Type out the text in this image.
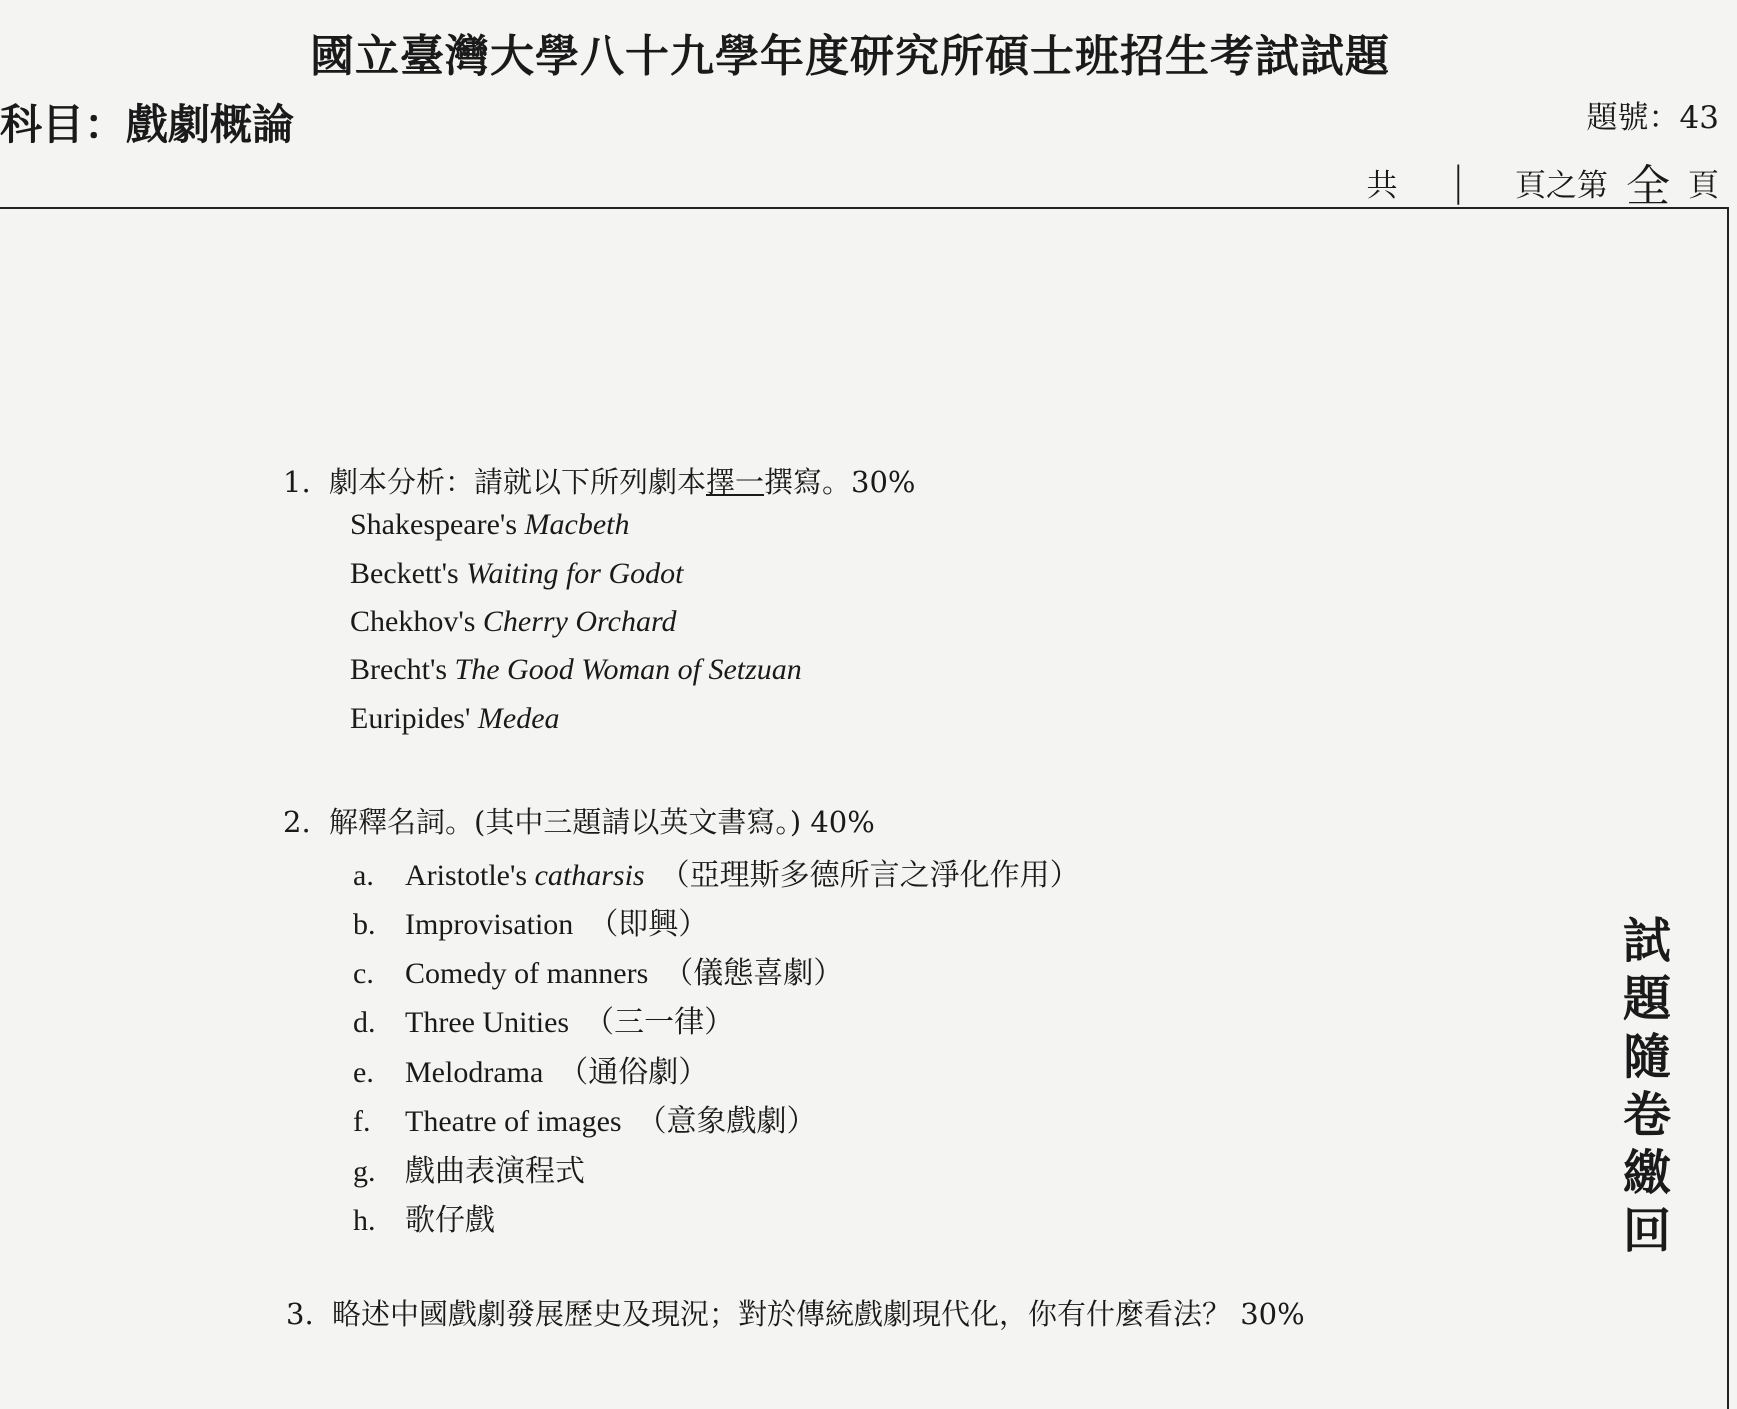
國立臺灣大學八十九學年度研究所碩士班招生考試試題
科目：戲劇概論	題號：43
共 | 頁之第 全 頁
1. 劇本分析：請就以下所列劇本擇一撰寫。30%
Shakespeare's Macbeth
Beckett's Waiting for Godot
Chekhov's Cherry Orchard
Brecht's The Good Woman of Setzuan
Euripides' Medea
2. 解釋名詞。(其中三題請以英文書寫。) 40%
a. Aristotle's catharsis （亞理斯多德所言之淨化作用）
b. Improvisation （即興）
c. Comedy of manners （儀態喜劇）
d. Three Unities （三一律）
e. Melodrama （通俗劇）
f. Theatre of images （意象戲劇）
g. 戲曲表演程式
h. 歌仔戲
3. 略述中國戲劇發展歷史及現況；對於傳統戲劇現代化，你有什麼看法？ 30%
試
題
隨
卷
繳
回
